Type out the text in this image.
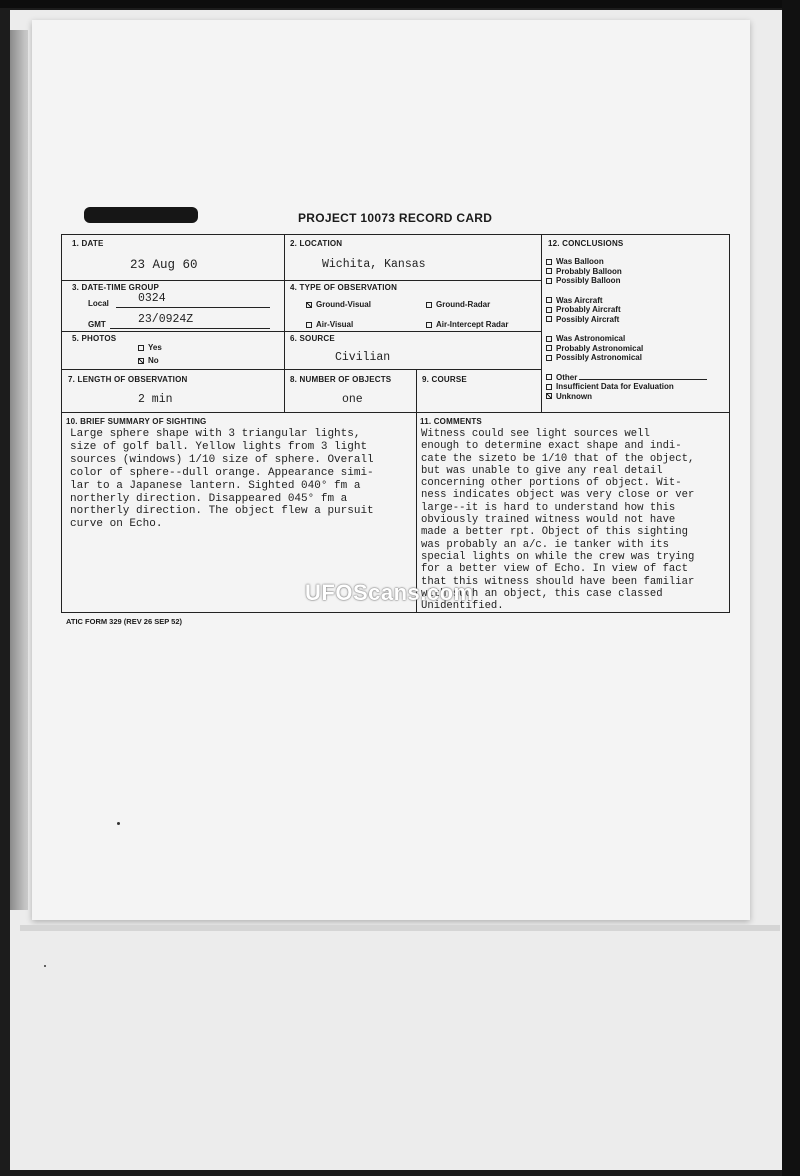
PROJECT 10073 RECORD CARD
1. DATE
23 Aug 60
2. LOCATION
Wichita, Kansas
3. DATE-TIME GROUP
Local	0324
GMT	23/0924Z
4. TYPE OF OBSERVATION
Ground-Visual	Ground-Radar
Air-Visual	Air-Intercept Radar
5. PHOTOS
Yes
No
6. SOURCE
Civilian
7. LENGTH OF OBSERVATION
2 min
8. NUMBER OF OBJECTS
one
9. COURSE
12. CONCLUSIONS
Was Balloon
Probably Balloon
Possibly Balloon
Was Aircraft
Probably Aircraft
Possibly Aircraft
Was Astronomical
Probably Astronomical
Possibly Astronomical
Other
Insufficient Data for Evaluation
Unknown
10. BRIEF SUMMARY OF SIGHTING
Large sphere shape with 3 triangular lights,
size of golf ball. Yellow lights from 3 light
sources (windows) 1/10 size of sphere. Overall
color of sphere--dull orange. Appearance simi-
lar to a Japanese lantern. Sighted 040° fm a
northerly direction. Disappeared 045° fm a
northerly direction. The object flew a pursuit
curve on Echo.
11. COMMENTS
Witness could see light sources well
enough to determine exact shape and indi-
cate the sizeto be 1/10 that of the object,
but was unable to give any real detail
concerning other portions of object. Wit-
ness indicates object was very close or ver
large--it is hard to understand how this
obviously trained witness would not have
made a better rpt. Object of this sighting
was probably an a/c. ie tanker with its
special lights on while the crew was trying
for a better view of Echo. In view of fact
that this witness should have been familiar
with such an object, this case classed
Unidentified.
UFOScans.com
ATIC FORM 329 (REV 26 SEP 52)
